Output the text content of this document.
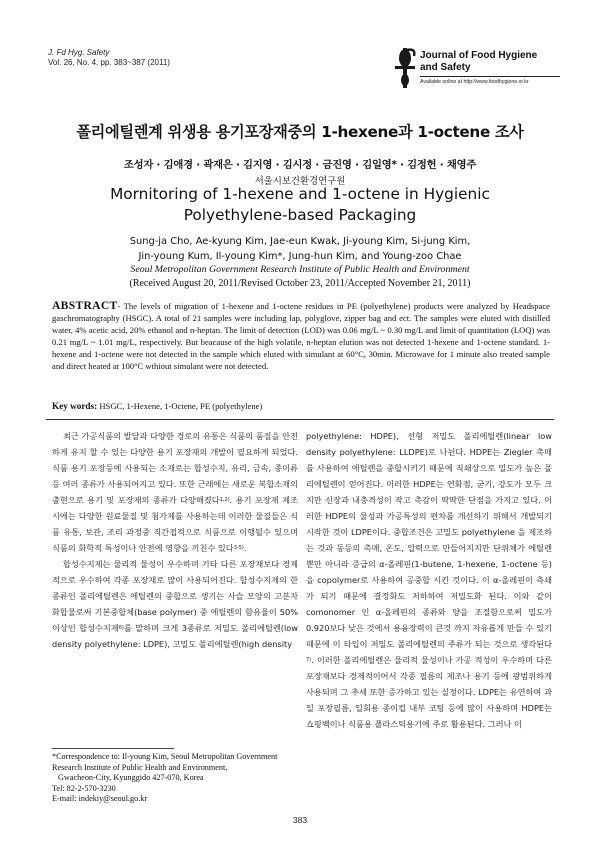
J. Fd Hyg. Safety
Vol. 26, No. 4, pp. 383~387 (2011)
Journal of Food Hygiene
and Safety
Available online at http://www.foodhygiene.or.kr
폴리에틸렌계 위생용 용기포장재중의 1-hexene과 1-octene 조사
조성자 · 김애경 · 곽재은 · 김지영 · 김시정 · 금진영 · 김일영* · 김정헌 · 채영주
서울시보건환경연구원
Mornitoring of 1-hexene and 1-octene in Hygienic
Polyethylene-based Packaging
Sung-ja Cho, Ae-kyung Kim, Jae-eun Kwak, Ji-young Kim, Si-jung Kim,
Jin-young Kum, Il-young Kim*, Jung-hun Kim, and Young-zoo Chae
Seoul Metropolitan Government Research Institute of Public Health and Environment
(Received August 20, 2011/Revised October 23, 2011/Accepted November 21, 2011)
ABSTRACT- The levels of migration of 1-hexene and 1-octene residues in PE (polyethylene) products were analyzed by Headspace gaschromatography (HSGC). A total of 21 samples were including lap, polyglove, zipper bag and ect. The samples were eluted with distilled water, 4% acetic acid, 20% ethanol and n-heptan. The limit of detection (LOD) was 0.06 mg/L ~ 0.30 mg/L and limit of quantitation (LOQ) was 0.21 mg/L ~ 1.01 mg/L, respectively. But beacause of the high volatile, n-heptan elution was not detected 1-hexene and 1-octene standard. 1- hexene and 1-octene were not detected in the sample which eluted with simulant at 60°C, 30min. Microwave for 1 minute also treated sample and direct heated at 100°C wthiout simulant were not detected.
Key words: HSGC, 1-Hexene, 1-Octene, PE (polyethylene)

최근 가공식품의 발달과 다양한 경로의 유통은 식품의 품질을 안전하게 유지 할 수 있는 다양한 용기 포장재의 개발이 필요하게 되었다. 식품 용기 포장등에 사용되는 소재로는 합성수지, 유리, 금속, 종이류 등 여러 종류가 사용되어지고 있다. 또한 근래에는 새로운 복합소재의 출현으로 용기 및 포장재의 종류가 다양해졌다$^{1,2)}$. 용기 포장재 제조시에는 다양한 원료물질 및 첨가제를 사용하는데 이러한 물질들은 식품 유통, 보관, 조리 과정중 직간접적으로 식품으로 이행될수 있으며 식품의 화학적 특성이나 안전에 영향을 끼친수 있다$^{3-5)}$.

합성수지제는 물리적 물성이 우수하며 기타 다른 포장재보다 경제적으로 우수하여 각종 포장재로 많이 사용되어진다. 합성수지제의 한 종류인 폴리에틸렌은 에틸렌의 중합으로 생기는 사슬 모양의 고분자 화합물로써 기본중합체(base polymer) 중 에틸렌의 함유율이 50% 이상인 합성수지제$^{6)}$를 말하며 크게 3종류로 저밀도 폴리에틸렌(low density polyethylene: LDPE), 고밀도 폴리에틸렌(high density

polyethylene: HDPE), 선형 저밀도 폴리에틸렌(linear low density polyethylene: LLDPE)로 나뉜다. HDPE는 Ziegler 촉매를 사용하여 에틸렌을 중합시키기 때문에 직쇄상으로 밀도가 높은 폴리에틸렌이 얻어진다. 이러한 HDPE는 연화점, 굳기, 강도가 모두 크지만 신장과 내충격성이 작고 촉감이 딱딱한 단점을 가지고 있다. 이러한 HDPE의 물성과 가공특성의 편차를 개선하기 위해서 개발되기 시작한 것이 LDPE이다. 중합조건은 고밀도 polyethylene 을 제조하는 것과 동등의 촉매, 온도, 압력으로 만들어지지만 단위체가 에틸렌뿐만 아니라 증급의 α-올레핀(1-butene, 1-hexene, 1-octene 등)을 copolymer로 사용하여 공중합 시킨 것이다. 이 α-올레핀이 측쇄가 되기 때문에 결정화도 저하하여 저밀도화 된다. 이와 같이 comonomer 인 α-올레핀의 종류와 양을 조절함으로써 밀도가 0.920보다 낮은 것에서 용융장력이 큰것 까지 자유롭게 만들 수 있기 때문에 이 타입이 저밀도 폴리에틸렌의 주류가 되는 것으로 생각된다$^{7)}$. 이러한 폴리에틸렌은 물리적 물성이나 가공 적성이 우수하며 다른 포장재보다 경제적이어서 각종 필름의 제조나 용기 등에 광범위하게 사용되며 그 추세 또한 증가하고 있는 실정이다. LDPE는 유연하여 과일 포장필름, 일회용 종이컵 내부 코팅 등에 많이 사용하며 HDPE는 쇼핑백이나 식품용 플라스틱용기에 주로 활용된다. 그러나 이

*Correspondence to: Il-young Kim, Seoul Metropolitan Government Research Institute of Public Health and Environment,
Gwacheon-City, Kyunggido 427-070, Korea
Tel: 82-2-570-3230
E-mail: indekiy@seoul.go.kr
383
